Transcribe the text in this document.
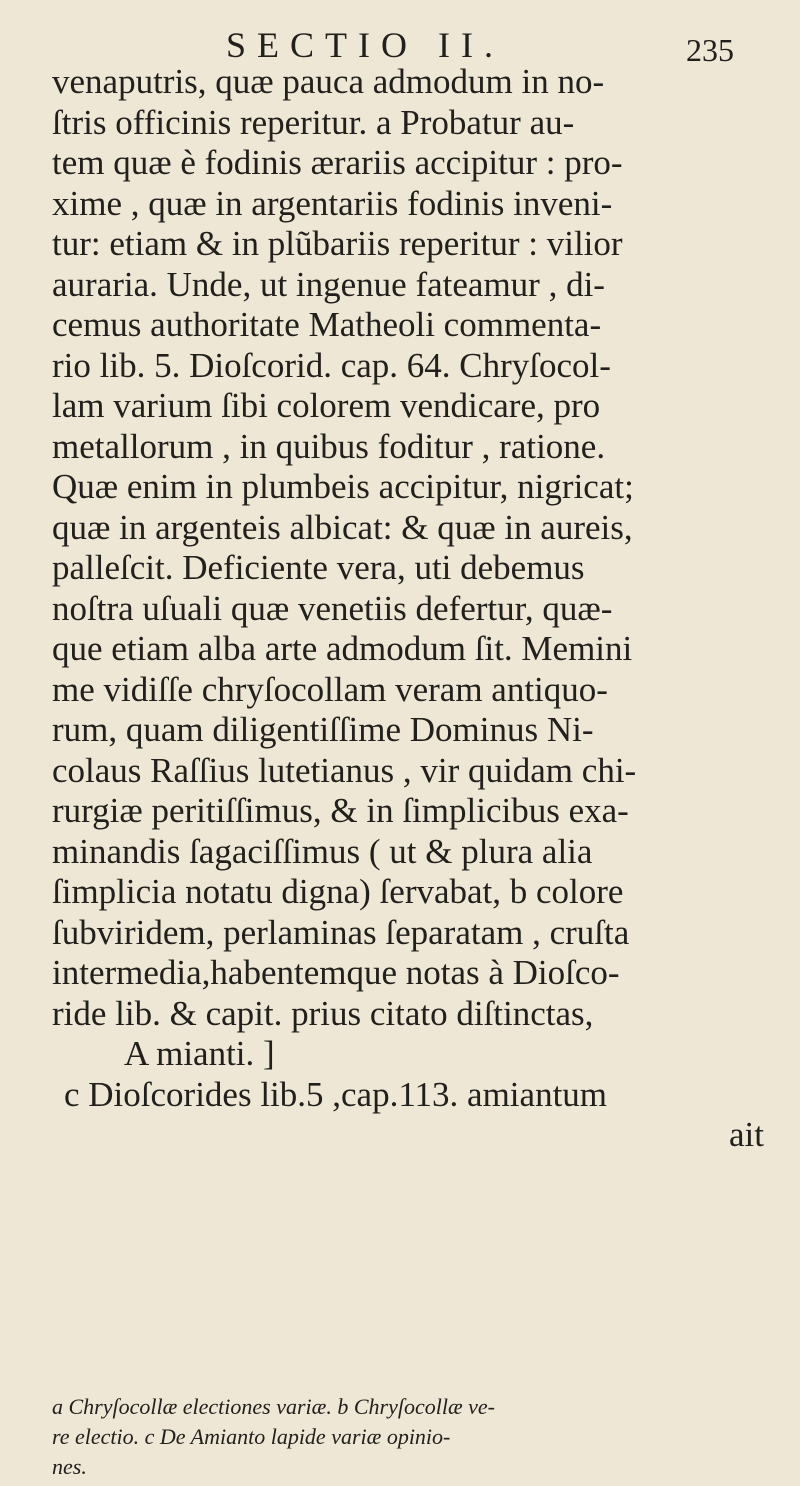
SECTIO II.	235
venaputris, quæ pauca admodum in no-
ſtris officinis reperitur. a Probatur au-
tem quæ è fodinis ærariis accipitur : pro-
xime , quæ in argentariis fodinis inveni-
tur: etiam & in plũbariis reperitur : vilior
auraria. Unde, ut ingenue fateamur , di-
cemus authoritate Matheoli commenta-
rio lib. 5. Dioſcorid. cap. 64. Chryſocol-
lam varium ſibi colorem vendicare, pro
metallorum , in quibus foditur , ratione.
Quæ enim in plumbeis accipitur, nigricat;
quæ in argenteis albicat: & quæ in aureis,
palleſcit. Deficiente vera, uti debemus
noſtra uſuali quæ venetiis defertur, quæ-
que etiam alba arte admodum ſit. Memini
me vidiſſe chryſocollam veram antiquo-
rum, quam diligentiſſime Dominus Ni-
colaus Raſſius lutetianus , vir quidam chi-
rurgiæ peritiſſimus, & in ſimplicibus exa-
minandis ſagaciſſimus ( ut & plura alia
ſimplicia notatu digna) ſervabat, b colore
ſubviridem, perlaminas ſeparatam , cruſta
intermedia,habentemque notas à Dioſco-
ride lib. & capit. prius citato diſtinctas,
A mianti. ]
c Dioſcorides lib.5 ,cap.113. amiantum
ait
a Chryſocollæ electiones variæ. b Chryſocollæ ve-
re electio. c De Amianto lapide variæ opinio-
nes.
